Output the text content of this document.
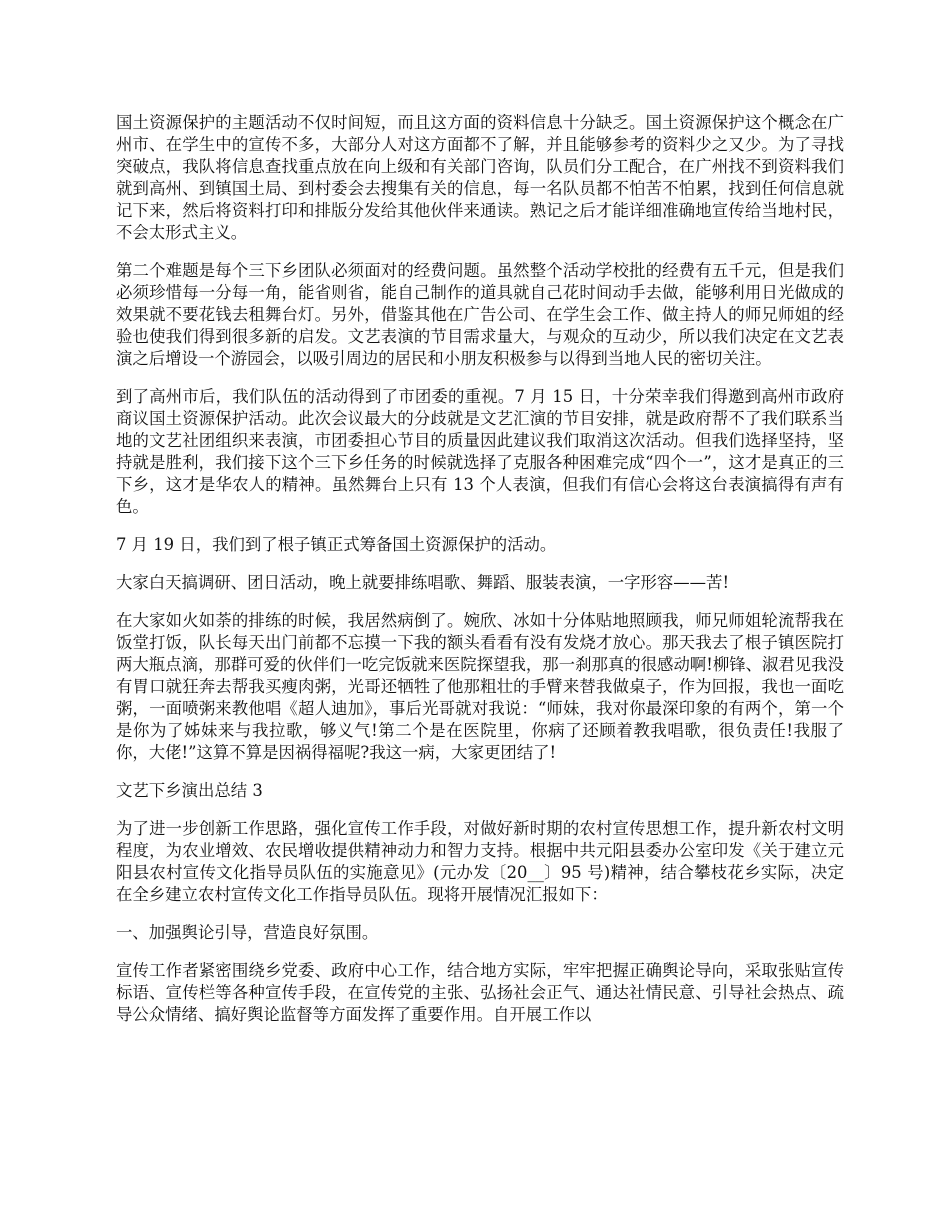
国土资源保护的主题活动不仅时间短，而且这方面的资料信息十分缺乏。国土资源保护这个概念在广州市、在学生中的宣传不多，大部分人对这方面都不了解，并且能够参考的资料少之又少。为了寻找突破点，我队将信息查找重点放在向上级和有关部门咨询，队员们分工配合，在广州找不到资料我们就到高州、到镇国土局、到村委会去搜集有关的信息，每一名队员都不怕苦不怕累，找到任何信息就记下来，然后将资料打印和排版分发给其他伙伴来通读。熟记之后才能详细准确地宣传给当地村民，不会太形式主义。

第二个难题是每个三下乡团队必须面对的经费问题。虽然整个活动学校批的经费有五千元，但是我们必须珍惜每一分每一角，能省则省，能自己制作的道具就自己花时间动手去做，能够利用日光做成的效果就不要花钱去租舞台灯。另外，借鉴其他在广告公司、在学生会工作、做主持人的师兄师姐的经验也使我们得到很多新的启发。文艺表演的节目需求量大，与观众的互动少，所以我们决定在文艺表演之后增设一个游园会，以吸引周边的居民和小朋友积极参与以得到当地人民的密切关注。

到了高州市后，我们队伍的活动得到了市团委的重视。7 月 15 日，十分荣幸我们得邀到高州市政府商议国土资源保护活动。此次会议最大的分歧就是文艺汇演的节目安排，就是政府帮不了我们联系当地的文艺社团组织来表演，市团委担心节目的质量因此建议我们取消这次活动。但我们选择坚持，坚持就是胜利，我们接下这个三下乡任务的时候就选择了克服各种困难完成“四个一”，这才是真正的三下乡，这才是华农人的精神。虽然舞台上只有 13 个人表演，但我们有信心会将这台表演搞得有声有色。

7 月 19 日，我们到了根子镇正式筹备国土资源保护的活动。

大家白天搞调研、团日活动，晚上就要排练唱歌、舞蹈、服装表演，一字形容——苦!

在大家如火如荼的排练的时候，我居然病倒了。婉欣、冰如十分体贴地照顾我，师兄师姐轮流帮我在饭堂打饭，队长每天出门前都不忘摸一下我的额头看看有没有发烧才放心。那天我去了根子镇医院打两大瓶点滴，那群可爱的伙伴们一吃完饭就来医院探望我，那一刹那真的很感动啊!柳锋、淑君见我没有胃口就狂奔去帮我买瘦肉粥，光哥还牺牲了他那粗壮的手臂来替我做桌子，作为回报，我也一面吃粥，一面喷粥来教他唱《超人迪加》，事后光哥就对我说：“师妹，我对你最深印象的有两个，第一个是你为了姊妹来与我拉歌，够义气!第二个是在医院里，你病了还顾着教我唱歌，很负责任!我服了你，大佬!”这算不算是因祸得福呢?我这一病，大家更团结了!

文艺下乡演出总结 3

为了进一步创新工作思路，强化宣传工作手段，对做好新时期的农村宣传思想工作，提升新农村文明程度，为农业增效、农民增收提供精神动力和智力支持。根据中共元阳县委办公室印发《关于建立元阳县农村宣传文化指导员队伍的实施意见》(元办发〔20__〕95 号)精神，结合攀枝花乡实际，决定在全乡建立农村宣传文化工作指导员队伍。现将开展情况汇报如下：

一、加强舆论引导，营造良好氛围。

宣传工作者紧密围绕乡党委、政府中心工作，结合地方实际，牢牢把握正确舆论导向，采取张贴宣传标语、宣传栏等各种宣传手段，在宣传党的主张、弘扬社会正气、通达社情民意、引导社会热点、疏导公众情绪、搞好舆论监督等方面发挥了重要作用。自开展工作以
